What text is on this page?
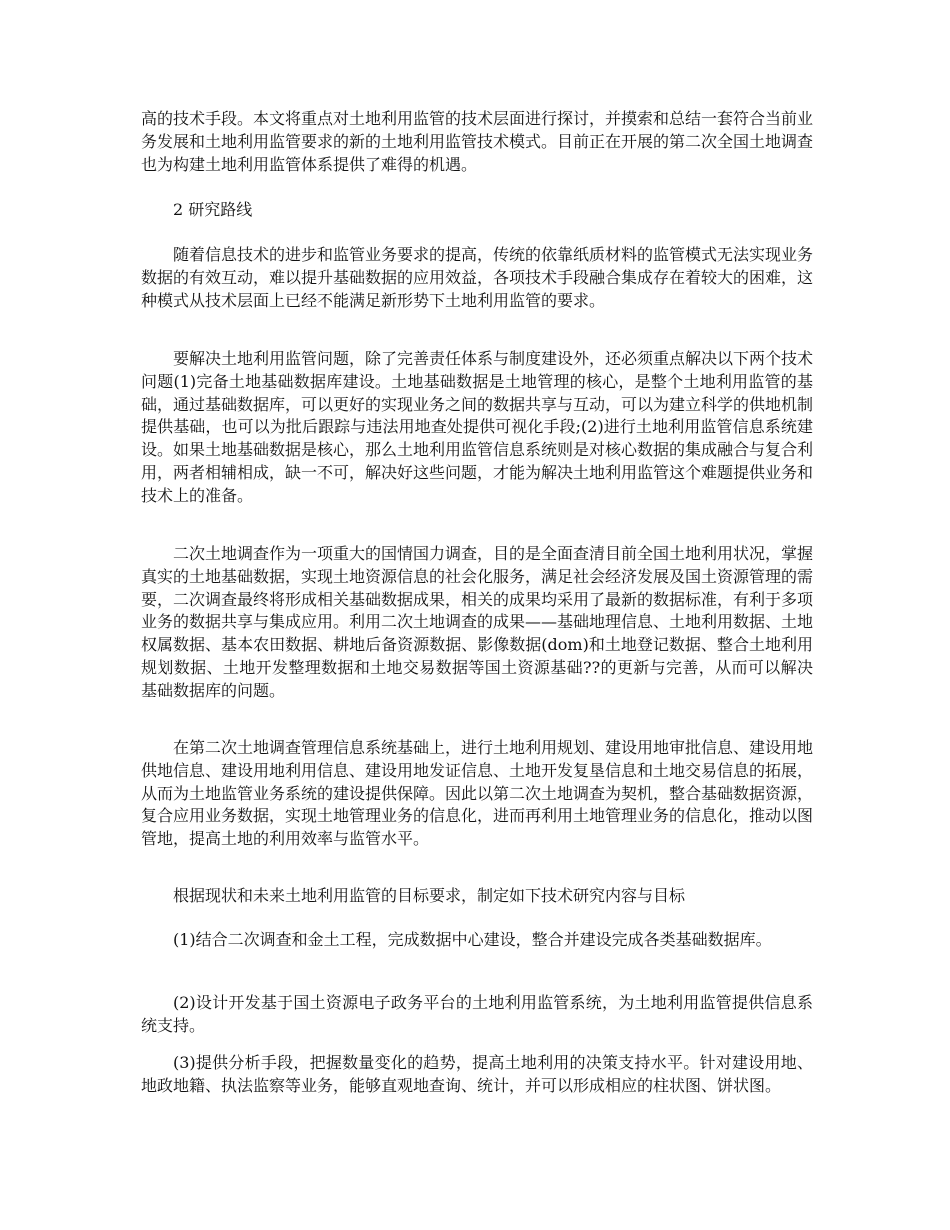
高的技术手段。本文将重点对土地利用监管的技术层面进行探讨，并摸索和总结一套符合当前业务发展和土地利用监管要求的新的土地利用监管技术模式。目前正在开展的第二次全国土地调查也为构建土地利用监管体系提供了难得的机遇。

2 研究路线

随着信息技术的进步和监管业务要求的提高，传统的依靠纸质材料的监管模式无法实现业务数据的有效互动，难以提升基础数据的应用效益，各项技术手段融合集成存在着较大的困难，这种模式从技术层面上已经不能满足新形势下土地利用监管的要求。

要解决土地利用监管问题，除了完善责任体系与制度建设外，还必须重点解决以下两个技术问题(1)完备土地基础数据库建设。土地基础数据是土地管理的核心，是整个土地利用监管的基础，通过基础数据库，可以更好的实现业务之间的数据共享与互动，可以为建立科学的供地机制提供基础，也可以为批后跟踪与违法用地查处提供可视化手段;(2)进行土地利用监管信息系统建设。如果土地基础数据是核心，那么土地利用监管信息系统则是对核心数据的集成融合与复合利用，两者相辅相成，缺一不可，解决好这些问题，才能为解决土地利用监管这个难题提供业务和技术上的准备。

二次土地调查作为一项重大的国情国力调查，目的是全面查清目前全国土地利用状况，掌握真实的土地基础数据，实现土地资源信息的社会化服务，满足社会经济发展及国土资源管理的需要，二次调查最终将形成相关基础数据成果，相关的成果均采用了最新的数据标准，有利于多项业务的数据共享与集成应用。利用二次土地调查的成果——基础地理信息、土地利用数据、土地权属数据、基本农田数据、耕地后备资源数据、影像数据(dom)和土地登记数据、整合土地利用规划数据、土地开发整理数据和土地交易数据等国土资源基础??的更新与完善，从而可以解决基础数据库的问题。

在第二次土地调查管理信息系统基础上，进行土地利用规划、建设用地审批信息、建设用地供地信息、建设用地利用信息、建设用地发证信息、土地开发复垦信息和土地交易信息的拓展，从而为土地监管业务系统的建设提供保障。因此以第二次土地调查为契机，整合基础数据资源，复合应用业务数据，实现土地管理业务的信息化，进而再利用土地管理业务的信息化，推动以图管地，提高土地的利用效率与监管水平。

根据现状和未来土地利用监管的目标要求，制定如下技术研究内容与目标

(1)结合二次调查和金土工程，完成数据中心建设，整合并建设完成各类基础数据库。

(2)设计开发基于国土资源电子政务平台的土地利用监管系统，为土地利用监管提供信息系统支持。

(3)提供分析手段，把握数量变化的趋势，提高土地利用的决策支持水平。针对建设用地、地政地籍、执法监察等业务，能够直观地查询、统计，并可以形成相应的柱状图、饼状图。
